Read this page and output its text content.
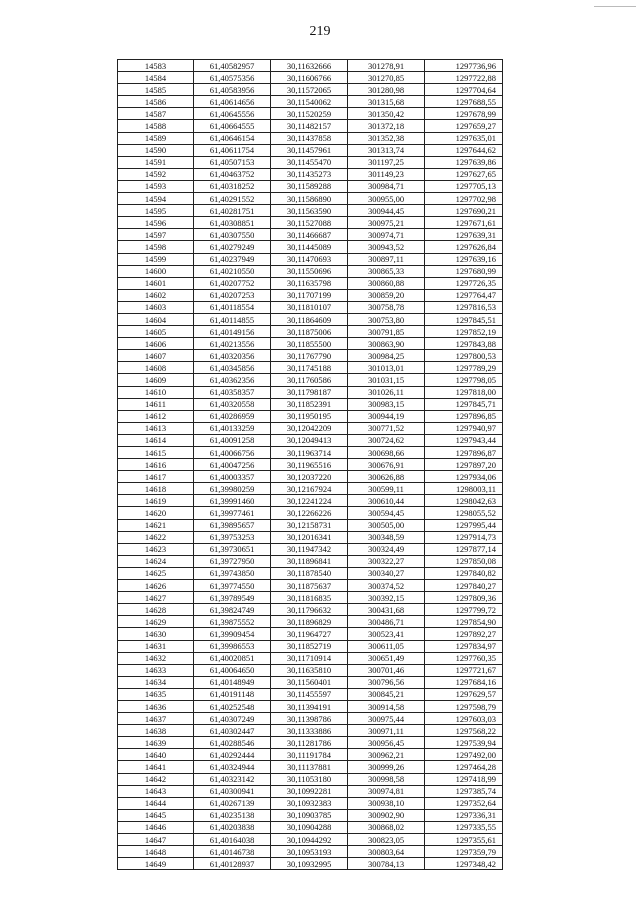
219
14583	61,40582957	30,11632666	301278,91	1297736,96
14584	61,40575356	30,11606766	301270,85	1297722,88
14585	61,40583956	30,11572065	301280,98	1297704,64
14586	61,40614656	30,11540062	301315,68	1297688,55
14587	61,40645556	30,11520259	301350,42	1297678,99
14588	61,40664555	30,11482157	301372,18	1297659,27
14589	61,40646154	30,11437858	301352,38	1297635,01
14590	61,40611754	30,11457961	301313,74	1297644,62
14591	61,40507153	30,11455470	301197,25	1297639,86
14592	61,40463752	30,11435273	301149,23	1297627,65
14593	61,40318252	30,11589288	300984,71	1297705,13
14594	61,40291552	30,11586890	300955,00	1297702,98
14595	61,40281751	30,11563590	300944,45	1297690,21
14596	61,40308851	30,11527088	300975,21	1297671,61
14597	61,40307550	30,11466687	300974,71	1297639,31
14598	61,40279249	30,11445089	300943,52	1297626,84
14599	61,40237949	30,11470693	300897,11	1297639,16
14600	61,40210550	30,11550696	300865,33	1297680,99
14601	61,40207752	30,11635798	300860,88	1297726,35
14602	61,40207253	30,11707199	300859,20	1297764,47
14603	61,40118554	30,11810107	300758,78	1297816,53
14604	61,40114855	30,11864609	300753,80	1297845,51
14605	61,40149156	30,11875006	300791,85	1297852,19
14606	61,40213556	30,11855500	300863,90	1297843,88
14607	61,40320356	30,11767790	300984,25	1297800,53
14608	61,40345856	30,11745188	301013,01	1297789,29
14609	61,40362356	30,11760586	301031,15	1297798,05
14610	61,40358357	30,11798187	301026,11	1297818,00
14611	61,40320558	30,11852391	300983,15	1297845,71
14612	61,40286959	30,11950195	300944,19	1297896,85
14613	61,40133259	30,12042209	300771,52	1297940,97
14614	61,40091258	30,12049413	300724,62	1297943,44
14615	61,40066756	30,11963714	300698,66	1297896,87
14616	61,40047256	30,11965516	300676,91	1297897,20
14617	61,40003357	30,12037220	300626,88	1297934,06
14618	61,39980259	30,12167924	300599,11	1298003,11
14619	61,39991460	30,12241224	300610,44	1298042,63
14620	61,39977461	30,12266226	300594,45	1298055,52
14621	61,39895657	30,12158731	300505,00	1297995,44
14622	61,39753253	30,12016341	300348,59	1297914,73
14623	61,39730651	30,11947342	300324,49	1297877,14
14624	61,39727950	30,11896841	300322,27	1297850,08
14625	61,39743850	30,11878540	300340,27	1297840,82
14626	61,39774550	30,11875637	300374,52	1297840,27
14627	61,39789549	30,11816835	300392,15	1297809,36
14628	61,39824749	30,11796632	300431,68	1297799,72
14629	61,39875552	30,11896829	300486,71	1297854,90
14630	61,39909454	30,11964727	300523,41	1297892,27
14631	61,39986553	30,11852719	300611,05	1297834,97
14632	61,40020851	30,11710914	300651,49	1297760,35
14633	61,40064650	30,11635810	300701,46	1297721,67
14634	61,40148949	30,11560401	300796,56	1297684,16
14635	61,40191148	30,11455597	300845,21	1297629,57
14636	61,40252548	30,11394191	300914,58	1297598,79
14637	61,40307249	30,11398786	300975,44	1297603,03
14638	61,40302447	30,11333886	300971,11	1297568,22
14639	61,40288546	30,11281786	300956,45	1297539,94
14640	61,40292444	30,11191784	300962,21	1297492,00
14641	61,40324944	30,11137881	300999,26	1297464,28
14642	61,40323142	30,11053180	300998,58	1297418,99
14643	61,40300941	30,10992281	300974,81	1297385,74
14644	61,40267139	30,10932383	300938,10	1297352,64
14645	61,40235138	30,10903785	300902,90	1297336,31
14646	61,40203838	30,10904288	300868,02	1297335,55
14647	61,40164038	30,10944292	300823,05	1297355,61
14648	61,40146738	30,10953193	300803,64	1297359,79
14649	61,40128937	30,10932995	300784,13	1297348,42
